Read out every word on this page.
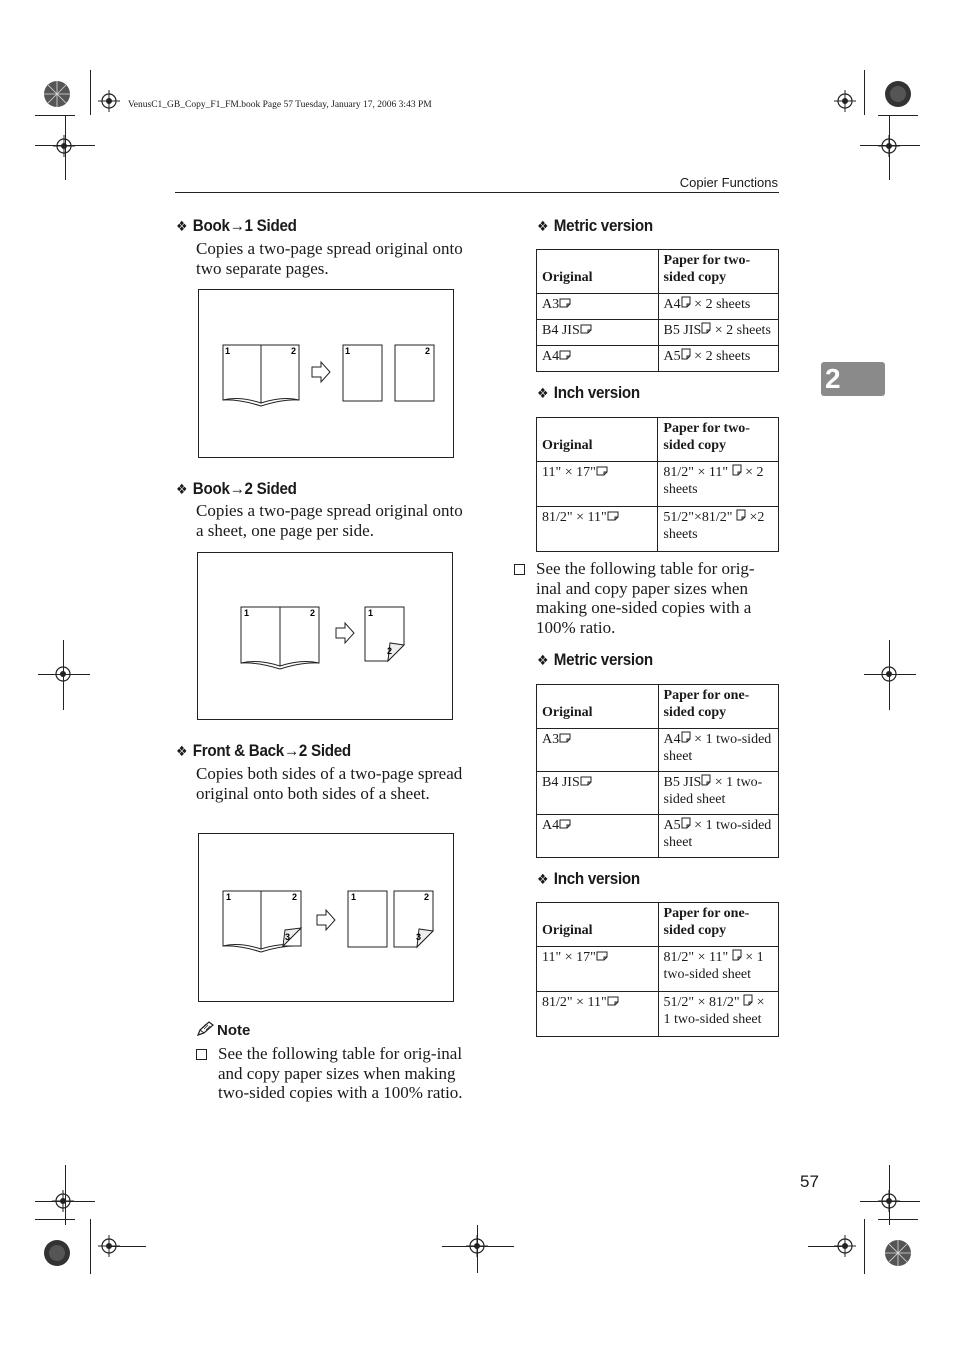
VenusC1_GB_Copy_F1_FM.book Page 57 Tuesday, January 17, 2006 3:43 PM
Copier Functions
2
57
❖ Book→1 Sided
Copies a two-page spread original onto two separate pages.
1	2	1	2
❖ Book→2 Sided
Copies a two-page spread original onto a sheet, one page per side.
1	2	1
2
❖ Front & Back→2 Sided
Copies both sides of a two-page spread original onto both sides of a sheet.
1	2
3
1	2
3
Note
See the following table for orig-inal and copy paper sizes when making two-sided copies with a 100% ratio.
❖ Metric version
Original	Paper for two-sided copy
A3	A4 × 2 sheets
B4 JIS	B5 JIS × 2 sheets
A4	A5 × 2 sheets
❖ Inch version
Original	Paper for two-sided copy
11" × 17"	81/2" × 11" × 2 sheets
81/2" × 11"	51/2"×81/2" ×2 sheets
See the following table for orig-inal and copy paper sizes when making one-sided copies with a 100% ratio.
❖ Metric version
Original	Paper for one-sided copy
A3	A4 × 1 two-sided sheet
B4 JIS	B5 JIS × 1 two-sided sheet
A4	A5 × 1 two-sided sheet
❖ Inch version
Original	Paper for one-sided copy
11" × 17"	81/2" × 11" × 1 two-sided sheet
81/2" × 11"	51/2" × 81/2" × 1 two-sided sheet
